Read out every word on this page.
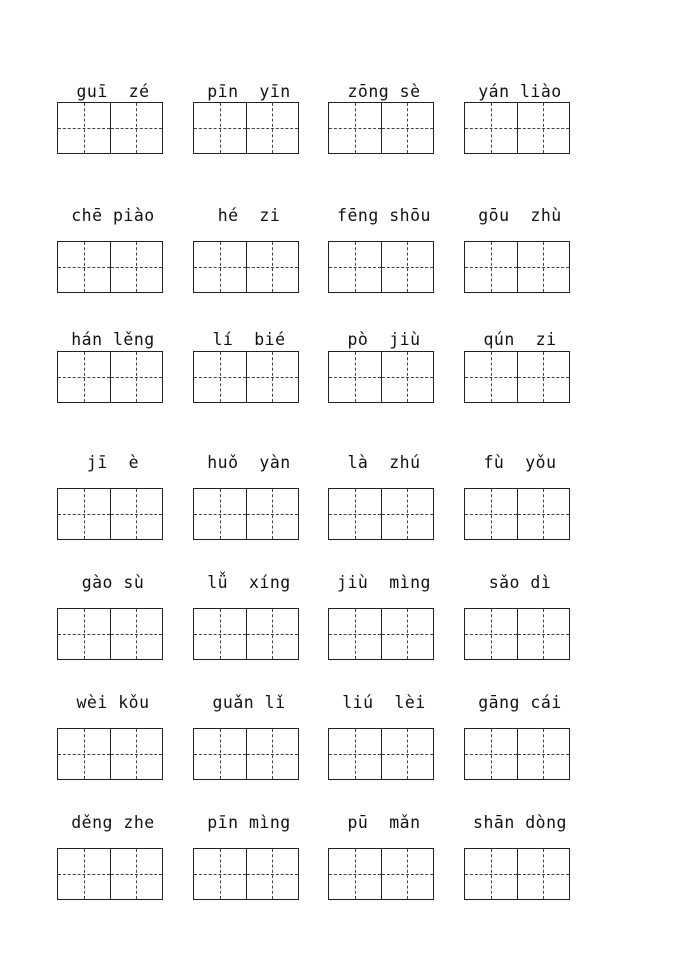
guī  zé	pīn  yīn	zōng sè	yán liào
chē piào	hé  zi	fēng shōu	gōu  zhù
hán lěng	lí  bié	pò  jiù	qún  zi
jī  è	huǒ  yàn	là  zhú	fù  yǒu
gào sù	lǚ  xíng	jiù  mìng	sǎo dì
wèi kǒu	guǎn lǐ	liú  lèi	gāng cái
děng zhe	pīn mìng	pū  mǎn	shān dòng
